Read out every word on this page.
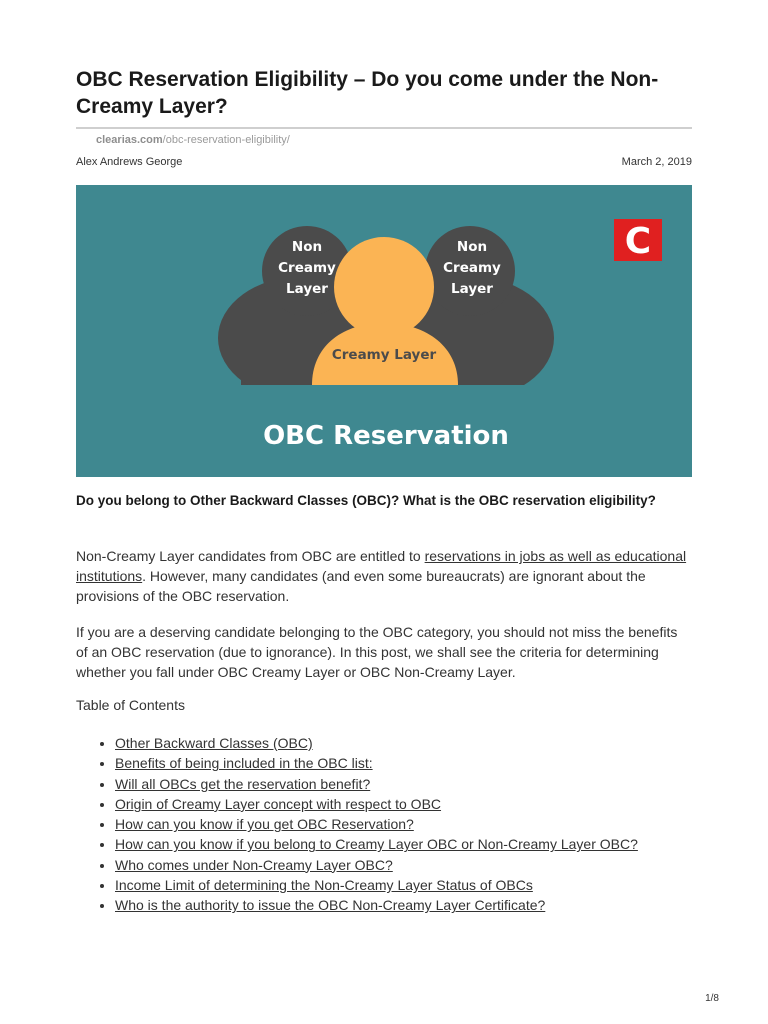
OBC Reservation Eligibility – Do you come under the Non-Creamy Layer?
clearias.com/obc-reservation-eligibility/
Alex Andrews George	March 2, 2019
Non
Creamy
Layer
Non
Creamy
Layer
Creamy Layer
OBC Reservation
C

Do you belong to Other Backward Classes (OBC)? What is the OBC reservation eligibility?

Non-Creamy Layer candidates from OBC are entitled to reservations in jobs as well as educational institutions. However, many candidates (and even some bureaucrats) are ignorant about the provisions of the OBC reservation.

If you are a deserving candidate belonging to the OBC category, you should not miss the benefits of an OBC reservation (due to ignorance). In this post, we shall see the criteria for determining whether you fall under OBC Creamy Layer or OBC Non-Creamy Layer.

Table of Contents
• Other Backward Classes (OBC)
• Benefits of being included in the OBC list:
• Will all OBCs get the reservation benefit?
• Origin of Creamy Layer concept with respect to OBC
• How can you know if you get OBC Reservation?
• How can you know if you belong to Creamy Layer OBC or Non-Creamy Layer OBC?
• Who comes under Non-Creamy Layer OBC?
• Income Limit of determining the Non-Creamy Layer Status of OBCs
• Who is the authority to issue the OBC Non-Creamy Layer Certificate?
1/8
